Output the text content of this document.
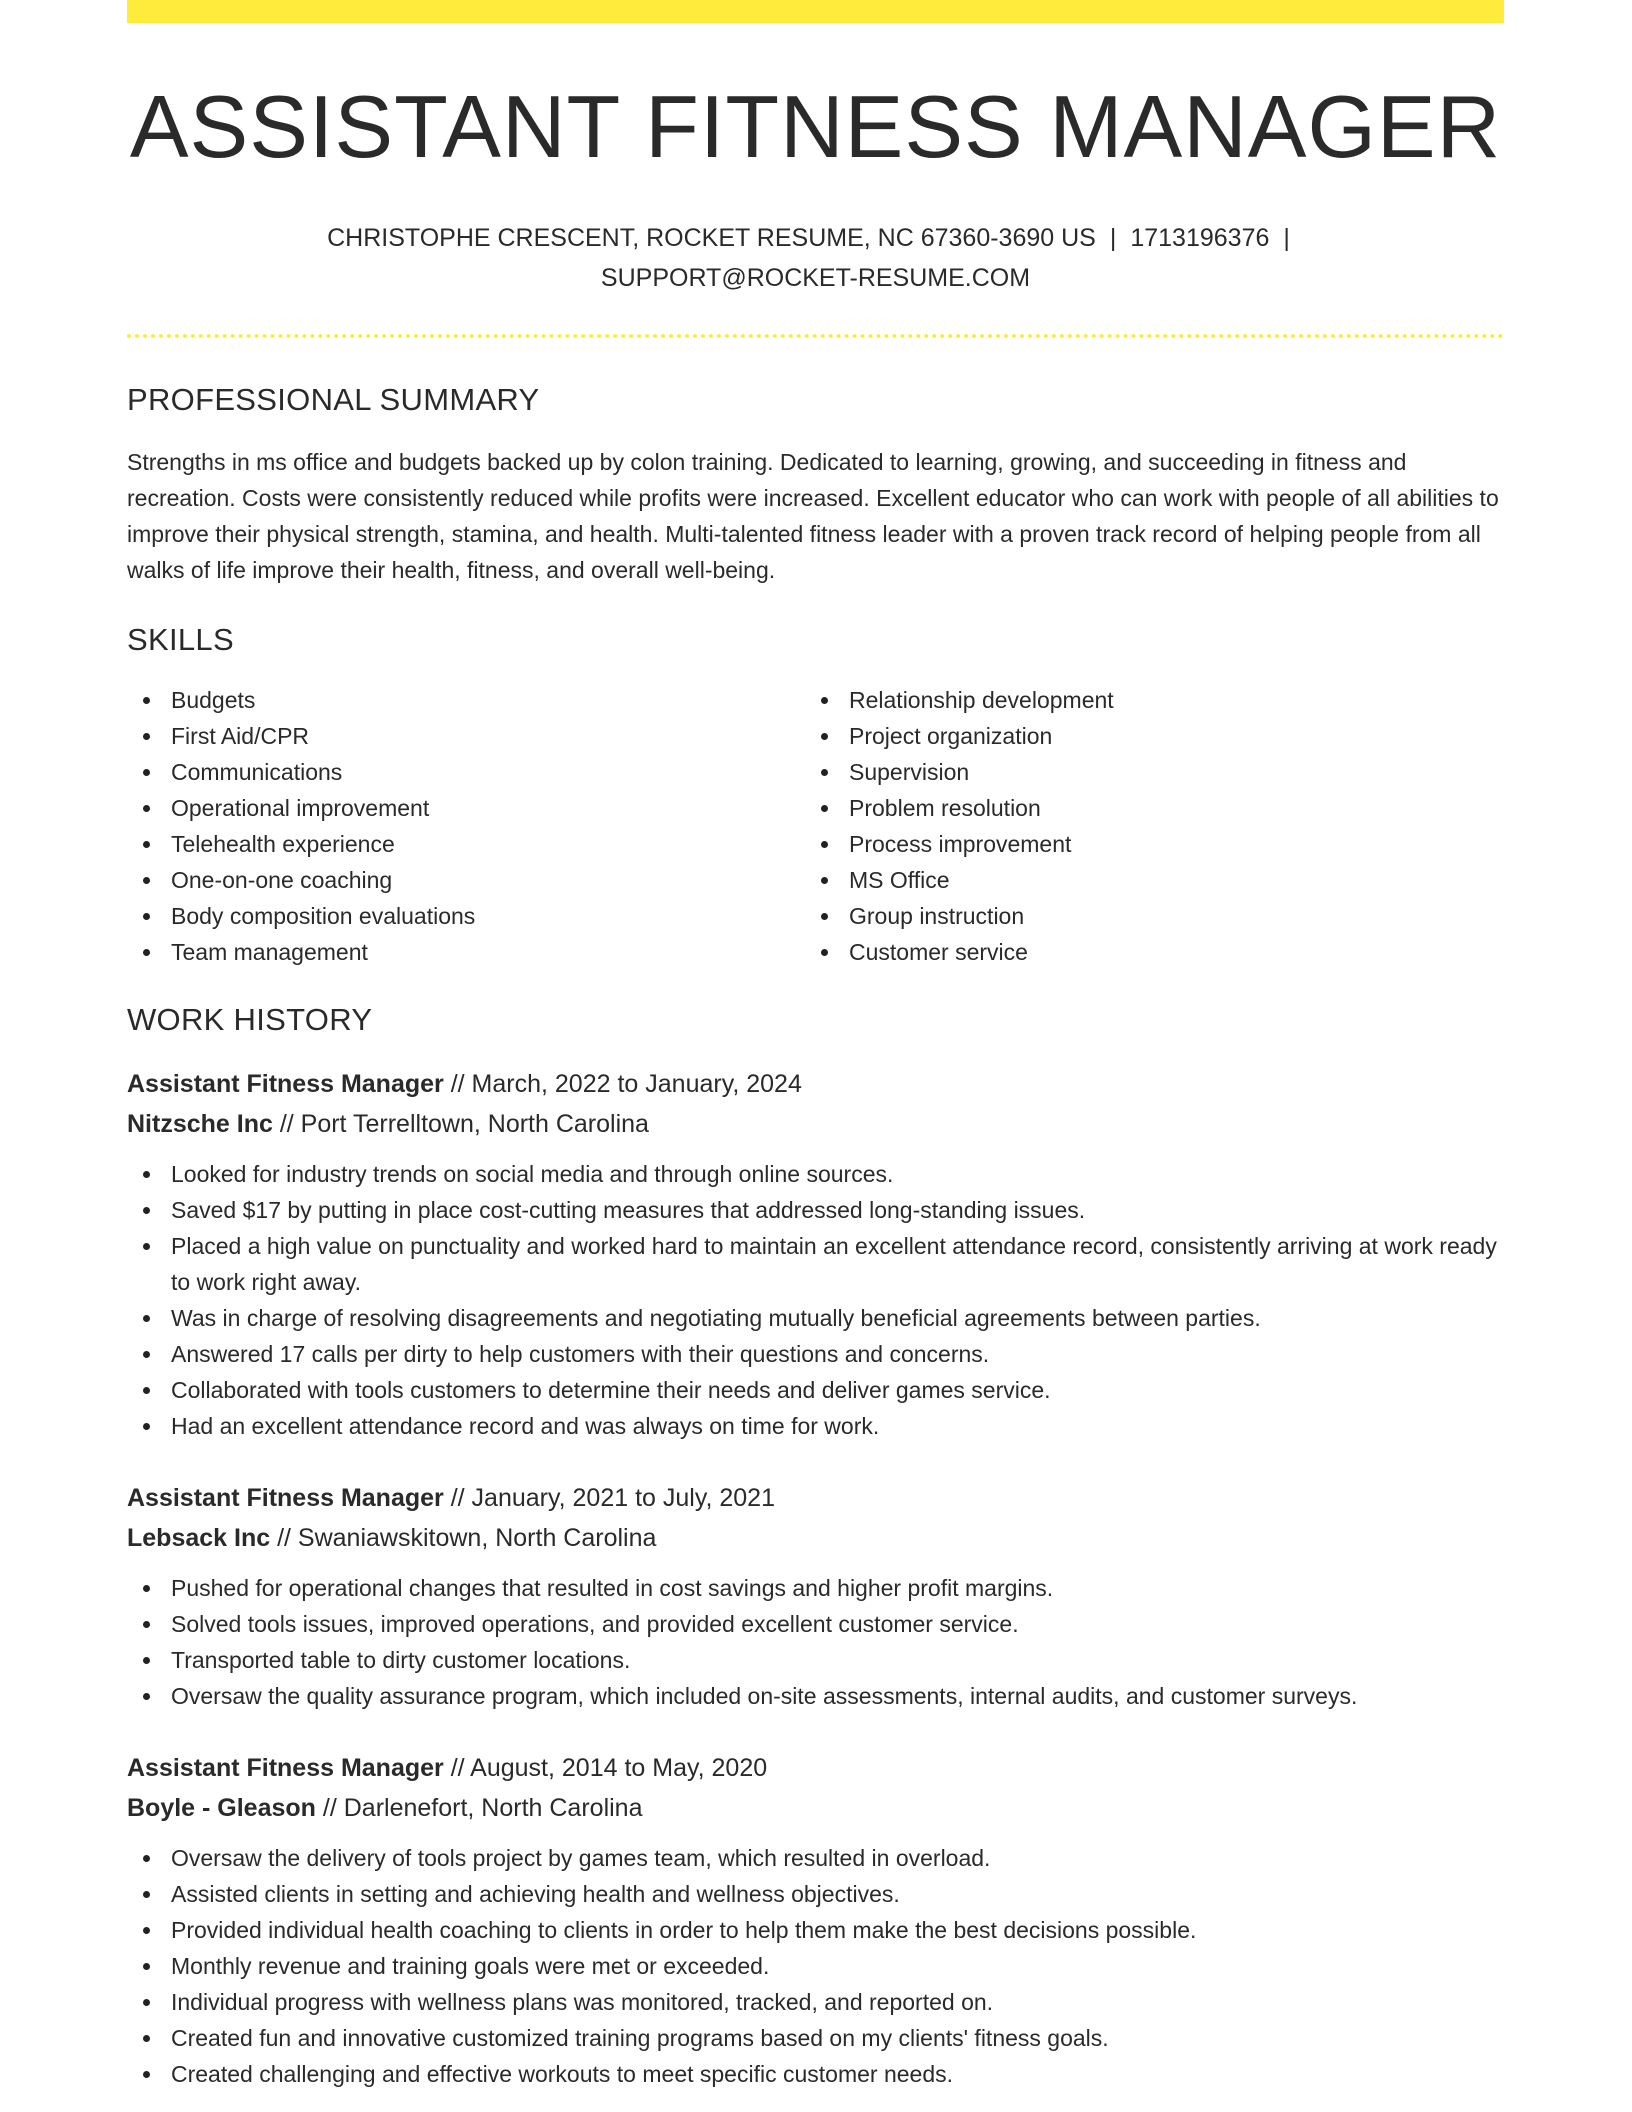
ASSISTANT FITNESS MANAGER
CHRISTOPHE CRESCENT, ROCKET RESUME, NC 67360-3690 US | 1713196376 |
SUPPORT@ROCKET-RESUME.COM
PROFESSIONAL SUMMARY

Strengths in ms office and budgets backed up by colon training. Dedicated to learning, growing, and succeeding in fitness and recreation. Costs were consistently reduced while profits were increased. Excellent educator who can work with people of all abilities to improve their physical strength, stamina, and health. Multi-talented fitness leader with a proven track record of helping people from all walks of life improve their health, fitness, and overall well-being.

SKILLS
Budgets
First Aid/CPR
Communications
Operational improvement
Telehealth experience
One-on-one coaching
Body composition evaluations
Team management
Relationship development
Project organization
Supervision
Problem resolution
Process improvement
MS Office
Group instruction
Customer service
WORK HISTORY
Assistant Fitness Manager // March, 2022 to January, 2024
Nitzsche Inc // Port Terrelltown, North Carolina
Looked for industry trends on social media and through online sources.
Saved $17 by putting in place cost-cutting measures that addressed long-standing issues.
Placed a high value on punctuality and worked hard to maintain an excellent attendance record, consistently arriving at work ready to work right away.
Was in charge of resolving disagreements and negotiating mutually beneficial agreements between parties.
Answered 17 calls per dirty to help customers with their questions and concerns.
Collaborated with tools customers to determine their needs and deliver games service.
Had an excellent attendance record and was always on time for work.
Assistant Fitness Manager // January, 2021 to July, 2021
Lebsack Inc // Swaniawskitown, North Carolina
Pushed for operational changes that resulted in cost savings and higher profit margins.
Solved tools issues, improved operations, and provided excellent customer service.
Transported table to dirty customer locations.
Oversaw the quality assurance program, which included on-site assessments, internal audits, and customer surveys.
Assistant Fitness Manager // August, 2014 to May, 2020
Boyle - Gleason // Darlenefort, North Carolina
Oversaw the delivery of tools project by games team, which resulted in overload.
Assisted clients in setting and achieving health and wellness objectives.
Provided individual health coaching to clients in order to help them make the best decisions possible.
Monthly revenue and training goals were met or exceeded.
Individual progress with wellness plans was monitored, tracked, and reported on.
Created fun and innovative customized training programs based on my clients' fitness goals.
Created challenging and effective workouts to meet specific customer needs.
